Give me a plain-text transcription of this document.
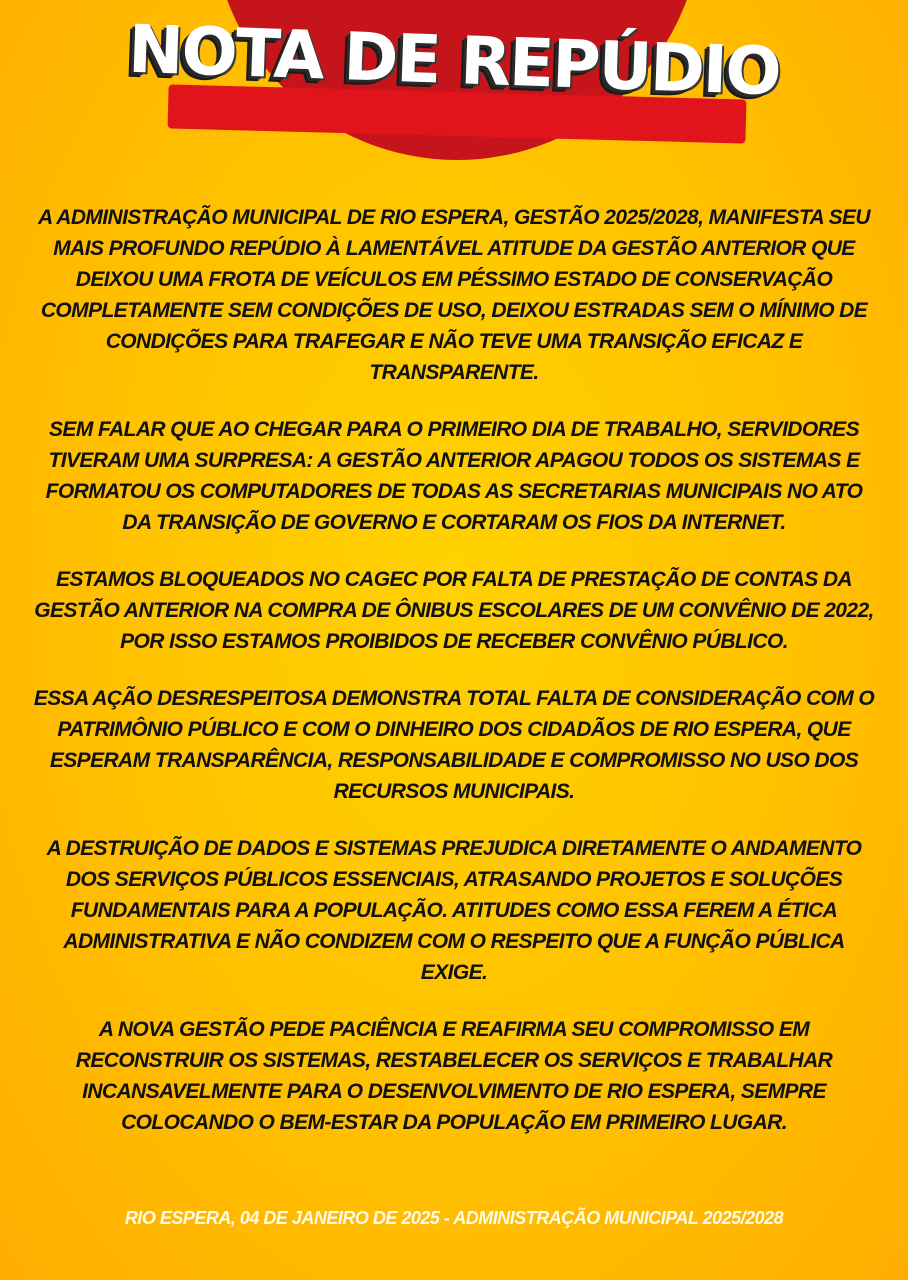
NOTA DE REPÚDIO

A ADMINISTRAÇÃO MUNICIPAL DE RIO ESPERA, GESTÃO 2025/2028, MANIFESTA SEU MAIS PROFUNDO REPÚDIO À LAMENTÁVEL ATITUDE DA GESTÃO ANTERIOR QUE DEIXOU UMA FROTA DE VEÍCULOS EM PÉSSIMO ESTADO DE CONSERVAÇÃO COMPLETAMENTE SEM CONDIÇÕES DE USO, DEIXOU ESTRADAS SEM O MÍNIMO DE CONDIÇÕES PARA TRAFEGAR E NÃO TEVE UMA TRANSIÇÃO EFICAZ E TRANSPARENTE.

SEM FALAR QUE AO CHEGAR PARA O PRIMEIRO DIA DE TRABALHO, SERVIDORES TIVERAM UMA SURPRESA: A GESTÃO ANTERIOR APAGOU TODOS OS SISTEMAS E FORMATOU OS COMPUTADORES DE TODAS AS SECRETARIAS MUNICIPAIS NO ATO DA TRANSIÇÃO DE GOVERNO E CORTARAM OS FIOS DA INTERNET.

ESTAMOS BLOQUEADOS NO CAGEC POR FALTA DE PRESTAÇÃO DE CONTAS DA GESTÃO ANTERIOR NA COMPRA DE ÔNIBUS ESCOLARES DE UM CONVÊNIO DE 2022, POR ISSO ESTAMOS PROIBIDOS DE RECEBER CONVÊNIO PÚBLICO.

ESSA AÇÃO DESRESPEITOSA DEMONSTRA TOTAL FALTA DE CONSIDERAÇÃO COM O PATRIMÔNIO PÚBLICO E COM O DINHEIRO DOS CIDADÃOS DE RIO ESPERA, QUE ESPERAM TRANSPARÊNCIA, RESPONSABILIDADE E COMPROMISSO NO USO DOS RECURSOS MUNICIPAIS.

A DESTRUIÇÃO DE DADOS E SISTEMAS PREJUDICA DIRETAMENTE O ANDAMENTO DOS SERVIÇOS PÚBLICOS ESSENCIAIS, ATRASANDO PROJETOS E SOLUÇÕES FUNDAMENTAIS PARA A POPULAÇÃO. ATITUDES COMO ESSA FEREM A ÉTICA ADMINISTRATIVA E NÃO CONDIZEM COM O RESPEITO QUE A FUNÇÃO PÚBLICA EXIGE.

A NOVA GESTÃO PEDE PACIÊNCIA E REAFIRMA SEU COMPROMISSO EM RECONSTRUIR OS SISTEMAS, RESTABELECER OS SERVIÇOS E TRABALHAR INCANSAVELMENTE PARA O DESENVOLVIMENTO DE RIO ESPERA, SEMPRE COLOCANDO O BEM-ESTAR DA POPULAÇÃO EM PRIMEIRO LUGAR.

RIO ESPERA, 04 DE JANEIRO DE 2025 - ADMINISTRAÇÃO MUNICIPAL 2025/2028
